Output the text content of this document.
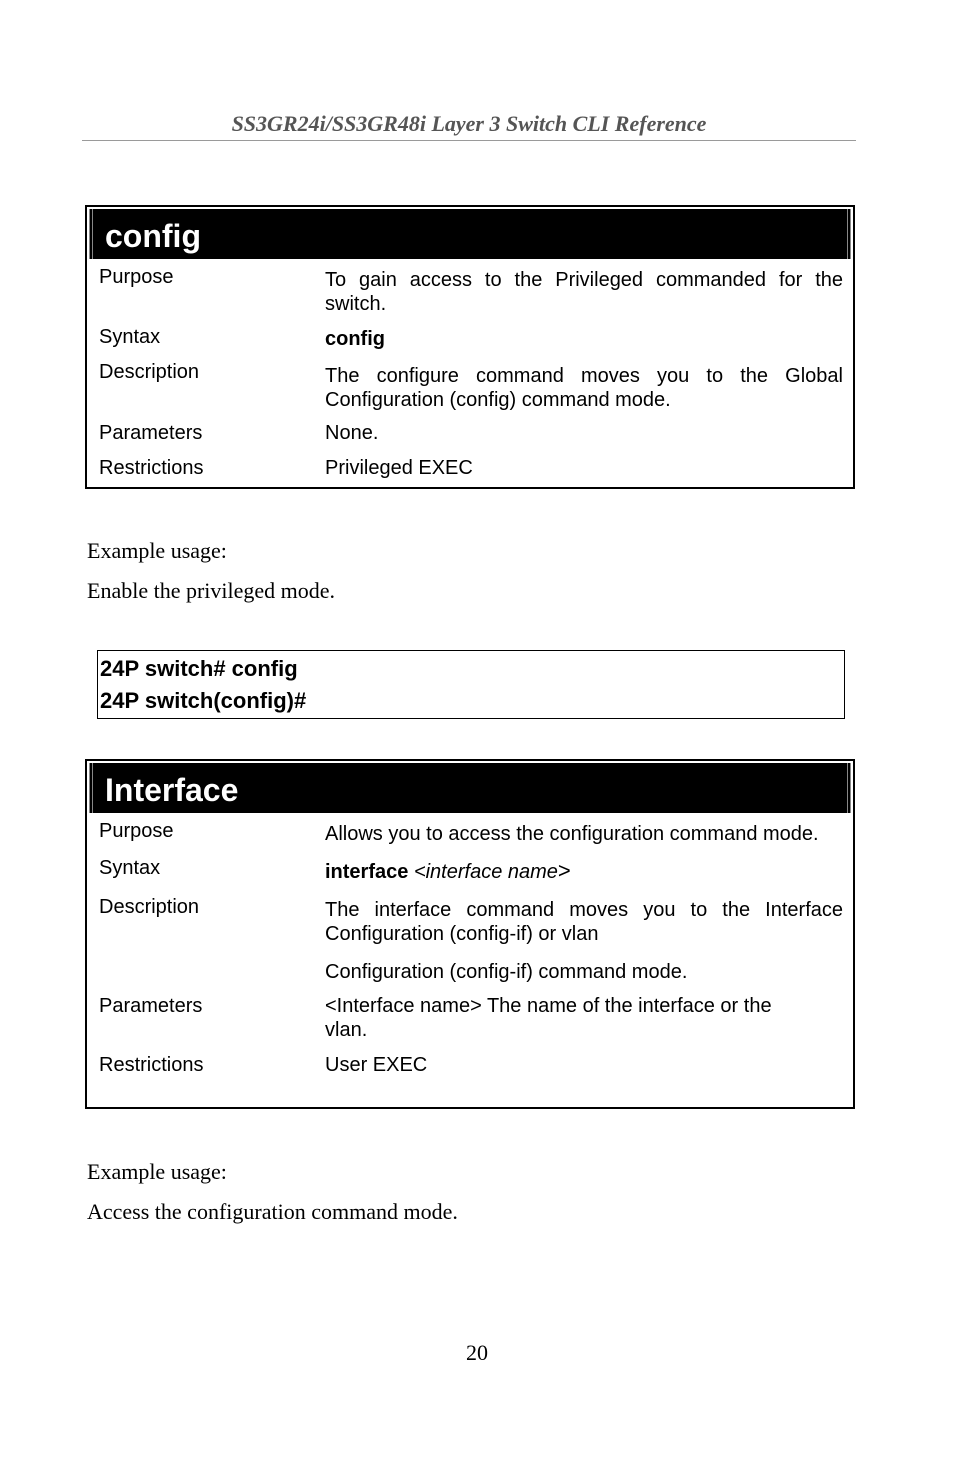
SS3GR24i/SS3GR48i Layer 3 Switch CLI Reference
config
Purpose	To gain access to the Privileged commanded for the switch.
Syntax	config
Description	The configure command moves you to the Global Configuration (config) command mode.
Parameters	None.
Restrictions	Privileged EXEC
Example usage:
Enable the privileged mode.
24P switch# config
24P switch(config)#
Interface
Purpose	Allows you to access the configuration command mode.
Syntax	interface <interface name>
Description	The interface command moves you to the Interface Configuration (config-if) or vlan
Configuration (config-if) command mode.
Parameters	<Interface name> The name of the interface or the vlan.
Restrictions	User EXEC
Example usage:
Access the configuration command mode.
20
